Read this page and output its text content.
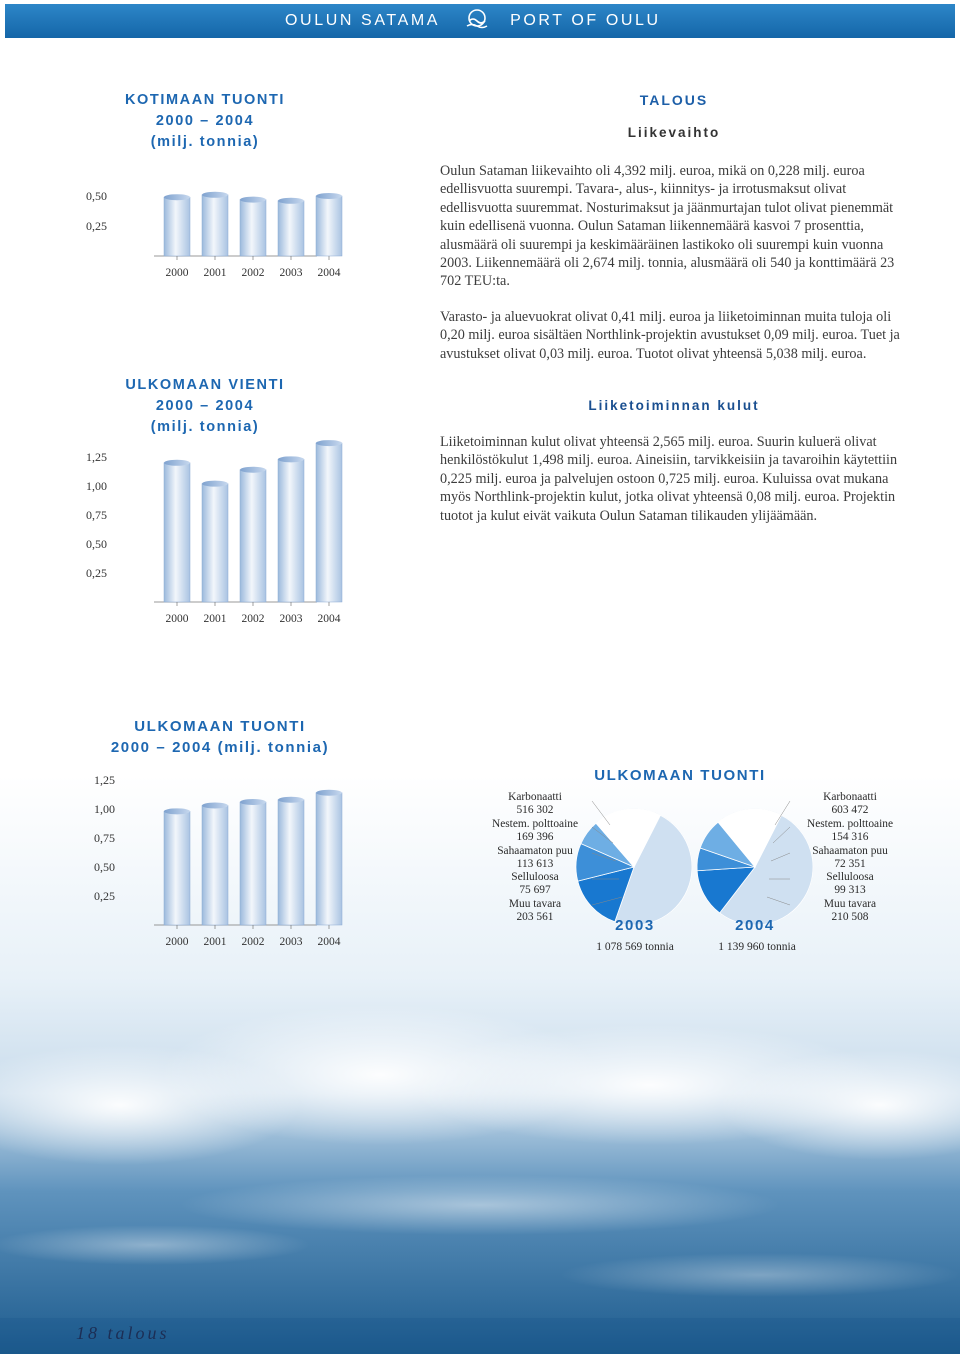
OULUN SATAMA	PORT OF OULU
KOTIMAAN TUONTI
2000 – 2004
(milj. tonnia)
0,25
0,50
2000 2001 2002 2003 2004
ULKOMAAN VIENTI
2000 – 2004
(milj. tonnia)
0,25
0,50
0,75
1,00
1,25
2000 2001 2002 2003 2004
TALOUS
Liikevaihto

Oulun Sataman liikevaihto oli 4,392 milj. euroa, mikä on 0,228 milj. euroa edellisvuotta suurempi. Tavara-, alus-, kiinnitys- ja irrotusmaksut olivat edellisvuotta suuremmat. Nosturimaksut ja jäänmurtajan tulot olivat pienemmät kuin edellisenä vuonna. Oulun Sataman liikennemäärä kasvoi 7 prosenttia, alusmäärä oli suurempi ja keskimääräinen lastikoko oli suurempi kuin vuonna 2003. Liikennemäärä oli 2,674 milj. tonnia, alusmäärä oli 540 ja konttimäärä 23 702 TEU:ta.

Varasto- ja aluevuokrat olivat 0,41 milj. euroa ja liiketoiminnan muita tuloja oli 0,20 milj. euroa sisältäen Northlink-projektin avustukset 0,09 milj. euroa. Tuet ja avustukset olivat 0,03 milj. euroa. Tuotot olivat yhteensä 5,038 milj. euroa.

Liiketoiminnan kulut

Liiketoiminnan kulut olivat yhteensä 2,565 milj. euroa. Suurin kuluerä olivat henkilöstökulut 1,498 milj. euroa. Aineisiin, tarvikkeisiin ja tavaroihin käytettiin 0,225 milj. euroa ja palvelujen ostoon 0,725 milj. euroa. Kuluissa ovat mukana myös Northlink-projektin kulut, jotka olivat yhteensä 0,08 milj. euroa. Projektin tuotot ja kulut eivät vaikuta Oulun Sataman tilikauden ylijäämään.

ULKOMAAN TUONTI
2000 – 2004 (milj. tonnia)
0,25
0,50
0,75
1,00
1,25
2000 2001 2002 2003 2004
ULKOMAAN TUONTI
Karbonaatti
516 302
Nestem. polttoaine
169 396
Sahaamaton puu
113 613
Selluloosa
75 697
Muu tavara
203 561
Karbonaatti
603 472
Nestem. polttoaine
154 316
Sahaamaton puu
72 351
Selluloosa
99 313
Muu tavara
210 508
2003	2004
1 078 569 tonnia	1 139 960 tonnia
18 talous
